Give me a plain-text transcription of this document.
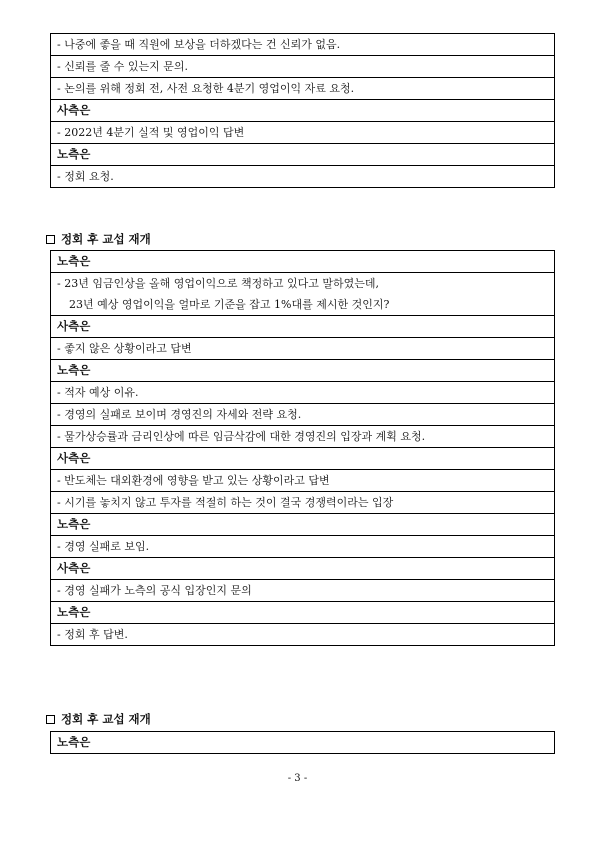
- 나중에 좋을 때 직원에 보상을 더하겠다는 건 신뢰가 없음.
- 신뢰를 줄 수 있는지 문의.
- 논의를 위해 정회 전, 사전 요청한 4분기 영업이익 자료 요청.
사측은
- 2022년 4분기 실적 및 영업이익 답변
노측은
- 정회 요청.
정회 후 교섭 재개
노측은

- 23년 임금인상을 올해 영업이익으로 책정하고 있다고 말하였는데,
23년 예상 영업이익을 얼마로 기준을 잡고 1%대를 제시한 것인지?

사측은
- 좋지 않은 상황이라고 답변
노측은
- 적자 예상 이유.
- 경영의 실패로 보이며 경영진의 자세와 전략 요청.
- 물가상승률과 금리인상에 따른 임금삭감에 대한 경영진의 입장과 계획 요청.
사측은
- 반도체는 대외환경에 영향을 받고 있는 상황이라고 답변
- 시기를 놓치지 않고 투자를 적절히 하는 것이 결국 경쟁력이라는 입장
노측은
- 경영 실패로 보임.
사측은
- 경영 실패가 노측의 공식 입장인지 문의
노측은
- 정회 후 답변.
정회 후 교섭 재개
노측은
- 3 -
